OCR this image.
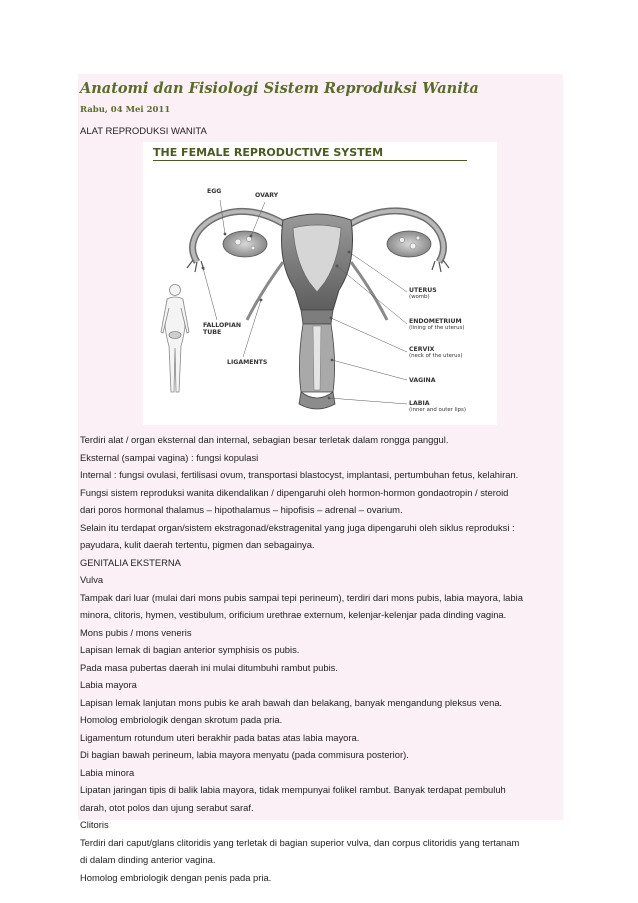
Anatomi dan Fisiologi Sistem Reproduksi Wanita
Rabu, 04 Mei 2011
ALAT REPRODUKSI WANITA
THE FEMALE REPRODUCTIVE SYSTEM
EGG
OVARY
UTERUS
(womb)
ENDOMETRIUM
(lining of the uterus)
FALLOPIAN
TUBE
CERVIX
(neck of the uterus)
LIGAMENTS
VAGINA
LABIA
(inner and outer lips)
Terdiri alat / organ eksternal dan internal, sebagian besar terletak dalam rongga panggul.
Eksternal (sampai vagina) : fungsi kopulasi
Internal : fungsi ovulasi, fertilisasi ovum, transportasi blastocyst, implantasi, pertumbuhan fetus, kelahiran.
Fungsi sistem reproduksi wanita dikendalikan / dipengaruhi oleh hormon-hormon gondaotropin / steroid
dari poros hormonal thalamus – hipothalamus – hipofisis – adrenal – ovarium.
Selain itu terdapat organ/sistem ekstragonad/ekstragenital yang juga dipengaruhi oleh siklus reproduksi :
payudara, kulit daerah tertentu, pigmen dan sebagainya.
GENITALIA EKSTERNA
Vulva
Tampak dari luar (mulai dari mons pubis sampai tepi perineum), terdiri dari mons pubis, labia mayora, labia
minora, clitoris, hymen, vestibulum, orificium urethrae externum, kelenjar-kelenjar pada dinding vagina.
Mons pubis / mons veneris
Lapisan lemak di bagian anterior symphisis os pubis.
Pada masa pubertas daerah ini mulai ditumbuhi rambut pubis.
Labia mayora
Lapisan lemak lanjutan mons pubis ke arah bawah dan belakang, banyak mengandung pleksus vena.
Homolog embriologik dengan skrotum pada pria.
Ligamentum rotundum uteri berakhir pada batas atas labia mayora.
Di bagian bawah perineum, labia mayora menyatu (pada commisura posterior).
Labia minora
Lipatan jaringan tipis di balik labia mayora, tidak mempunyai folikel rambut. Banyak terdapat pembuluh
darah, otot polos dan ujung serabut saraf.
Clitoris
Terdiri dari caput/glans clitoridis yang terletak di bagian superior vulva, dan corpus clitoridis yang tertanam
di dalam dinding anterior vagina.
Homolog embriologik dengan penis pada pria.
